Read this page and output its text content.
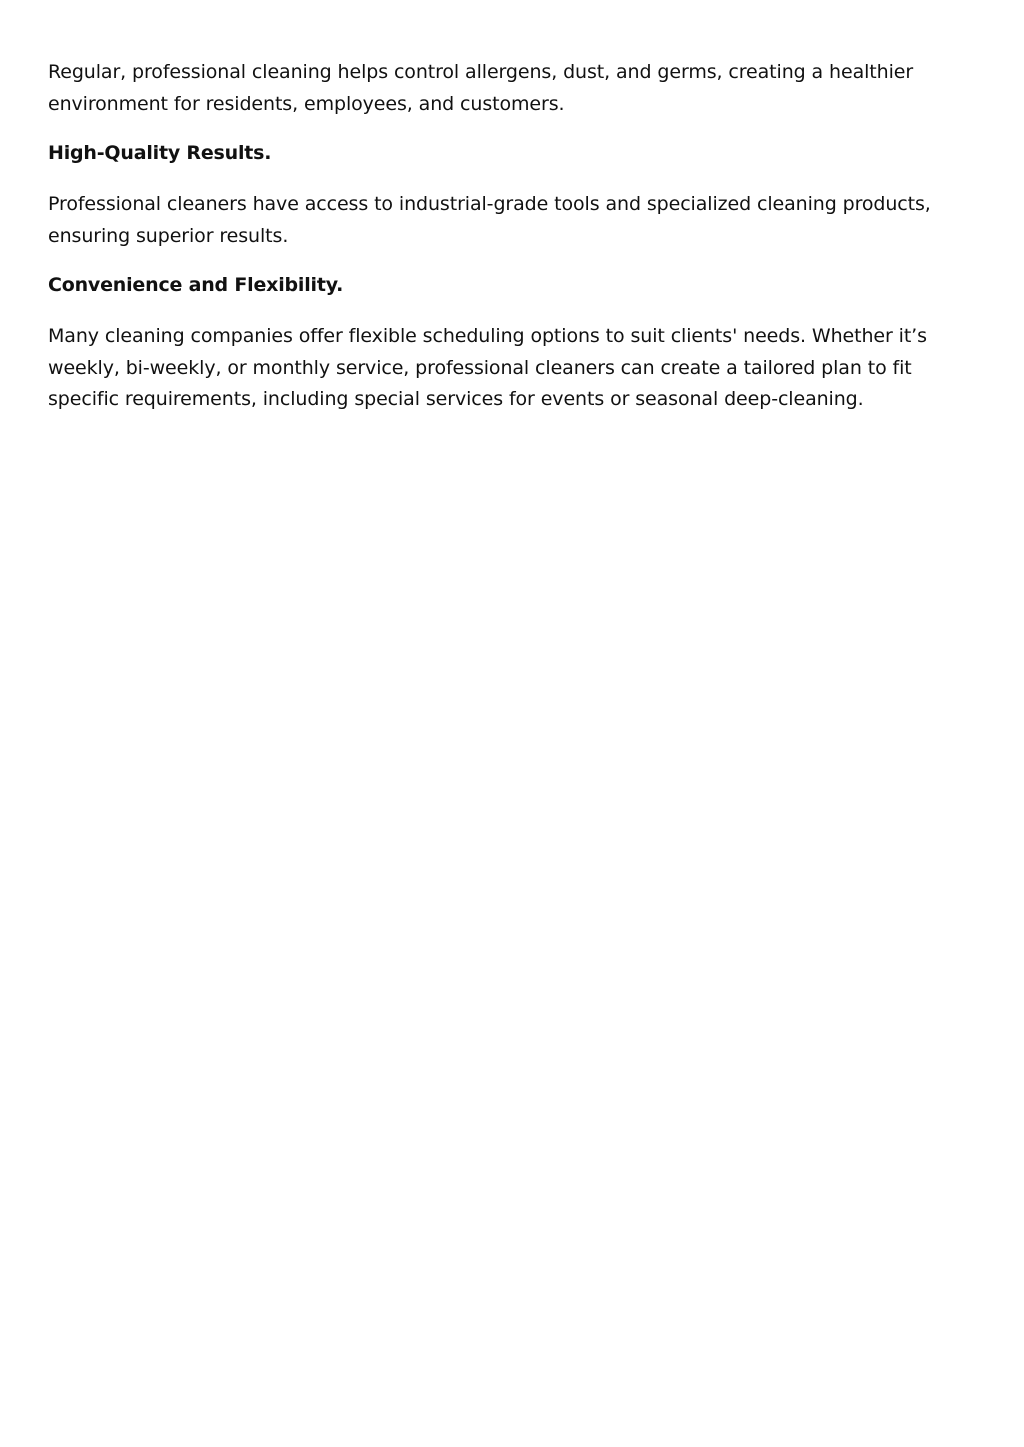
Regular, professional cleaning helps control allergens, dust, and germs, creating a healthier environment for residents, employees, and customers.

High-Quality Results.

Professional cleaners have access to industrial-grade tools and specialized cleaning products, ensuring superior results.

Convenience and Flexibility.

Many cleaning companies offer flexible scheduling options to suit clients' needs. Whether it’s weekly, bi-weekly, or monthly service, professional cleaners can create a tailored plan to fit specific requirements, including special services for events or seasonal deep-cleaning.
